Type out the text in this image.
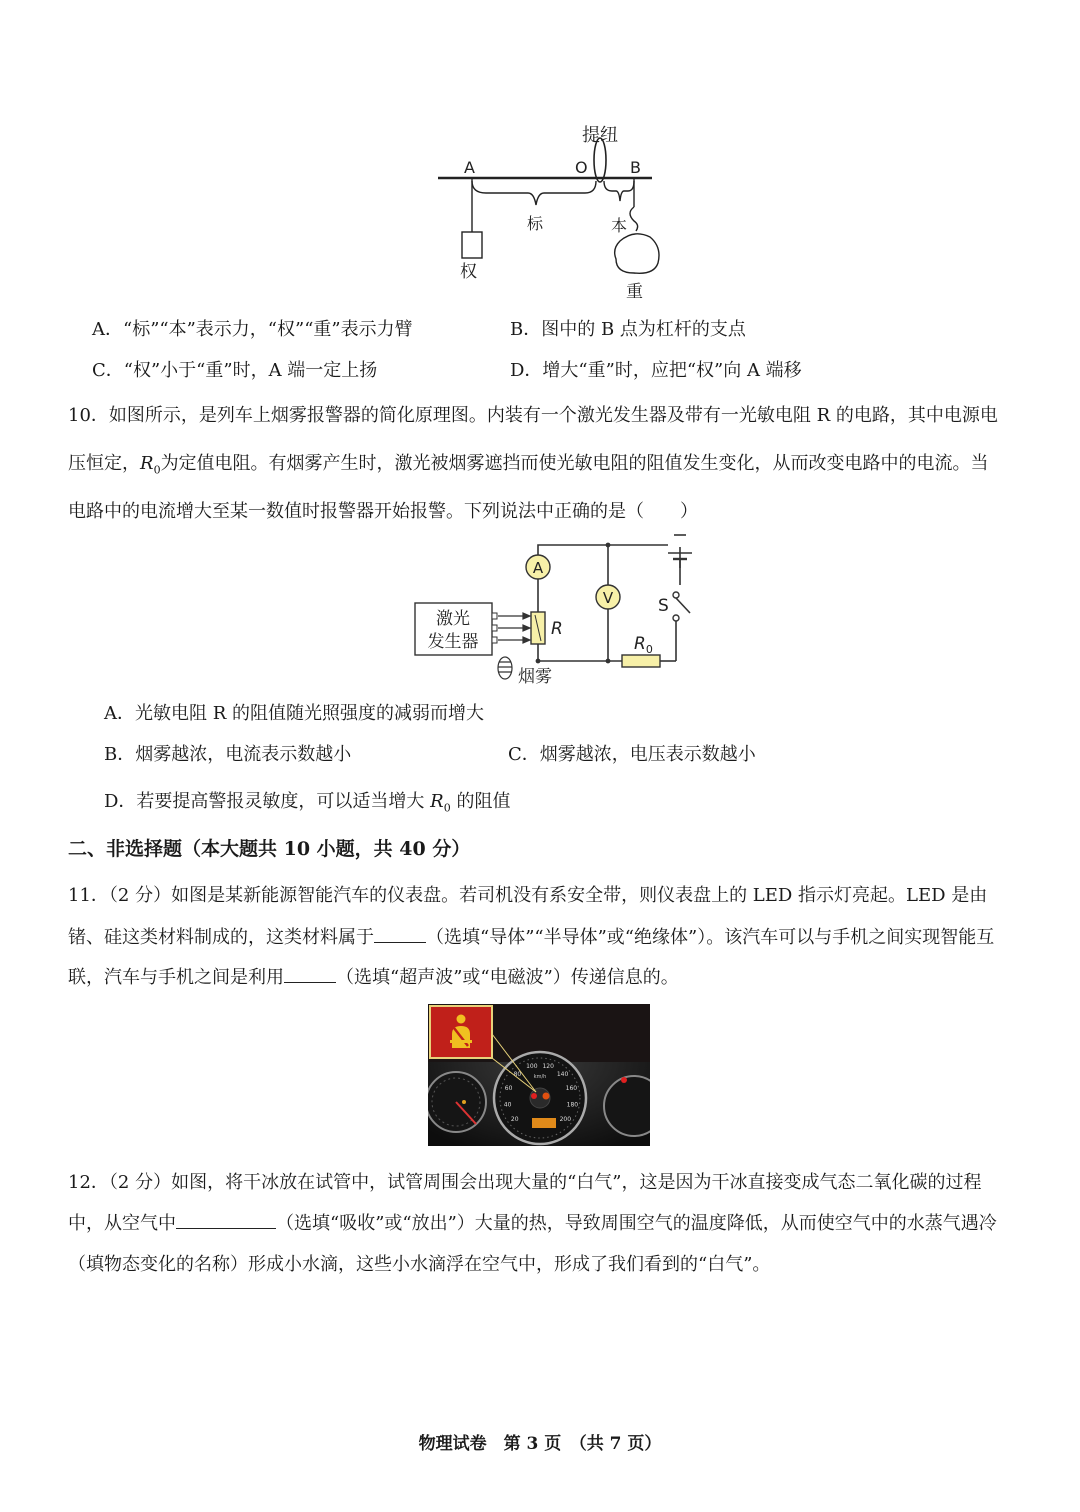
提纽
A	O	B
标	本
权
重
A．“标”“本”表示力，“权”“重”表示力臂	B．图中的 B 点为杠杆的支点
C．“权”小于“重”时，A 端一定上扬	D．增大“重”时，应把“权”向 A 端移
10．如图所示，是列车上烟雾报警器的简化原理图。内装有一个激光发生器及带有一光敏电阻 R 的电路，其中电源电
压恒定，$R_0$为定值电阻。有烟雾产生时，激光被烟雾遮挡而使光敏电阻的阻值发生变化，从而改变电路中的电流。当
电路中的电流增大至某一数值时报警器开始报警。下列说法中正确的是（　　）
S
A
V
R
$R_0$
激光
发生器
烟雾
A．光敏电阻 R 的阻值随光照强度的减弱而增大
B．烟雾越浓，电流表示数越小	C．烟雾越浓，电压表示数越小
D．若要提高警报灵敏度，可以适当增大 $R_0$ 的阻值
二、非选择题（本大题共 10 小题，共 40 分）
11．（2 分）如图是某新能源智能汽车的仪表盘。若司机没有系安全带，则仪表盘上的 LED 指示灯亮起。LED 是由
锗、硅这类材料制成的，这类材料属于	（选填“导体”“半导体”或“绝缘体”）。该汽车可以与手机之间实现智能互
联，汽车与手机之间是利用	（选填“超声波”或“电磁波”）传递信息的。
20
40
60
80
100 120
140
160
180
200
km/h
12．（2 分）如图，将干冰放在试管中，试管周围会出现大量的“白气”，这是因为干冰直接变成气态二氧化碳的过程
中，从空气中	（选填“吸收”或“放出”）大量的热，导致周围空气的温度降低，从而使空气中的水蒸气遇冷
（填物态变化的名称）形成小水滴，这些小水滴浮在空气中，形成了我们看到的“白气”。
物理试卷　第 3 页　（共 7 页）
